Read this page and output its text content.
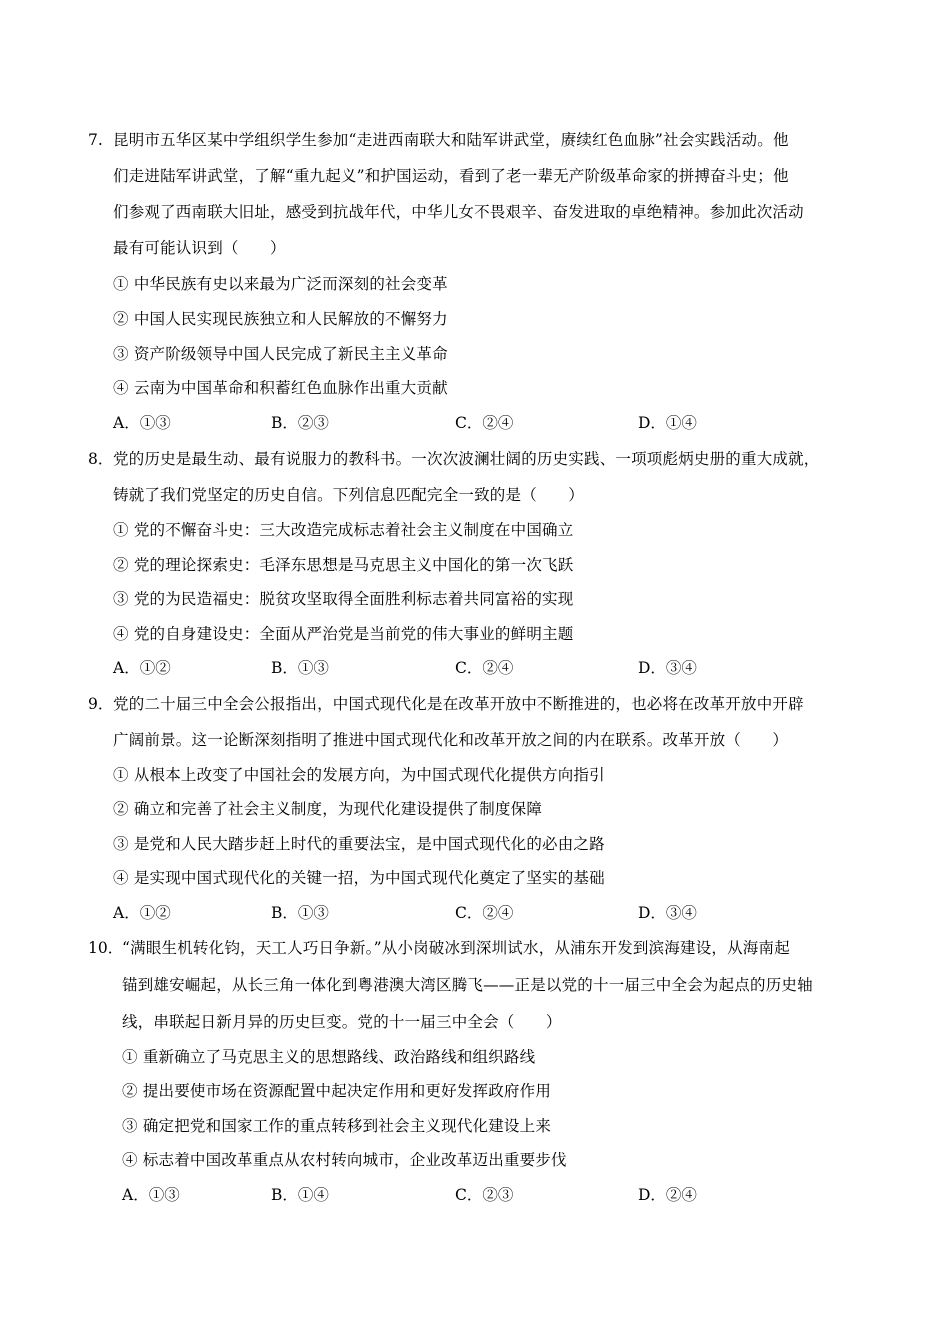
7. 昆明市五华区某中学组织学生参加“走进西南联大和陆军讲武堂，赓续红色血脉”社会实践活动。他
们走进陆军讲武堂，了解“重九起义”和护国运动，看到了老一辈无产阶级革命家的拼搏奋斗史；他
们参观了西南联大旧址，感受到抗战年代，中华儿女不畏艰辛、奋发进取的卓绝精神。参加此次活动
最有可能认识到（　　）
① 中华民族有史以来最为广泛而深刻的社会变革
② 中国人民实现民族独立和人民解放的不懈努力
③ 资产阶级领导中国人民完成了新民主主义革命
④ 云南为中国革命和积蓄红色血脉作出重大贡献
A．①③	B．②③	C．②④	D．①④
8． 党的历史是最生动、最有说服力的教科书。一次次波澜壮阔的历史实践、一项项彪炳史册的重大成就，
铸就了我们党坚定的历史自信。下列信息匹配完全一致的是（　　）
① 党的不懈奋斗史：三大改造完成标志着社会主义制度在中国确立
② 党的理论探索史：毛泽东思想是马克思主义中国化的第一次飞跃
③ 党的为民造福史：脱贫攻坚取得全面胜利标志着共同富裕的实现
④ 党的自身建设史：全面从严治党是当前党的伟大事业的鲜明主题
A．①②	B．①③	C．②④	D．③④
9． 党的二十届三中全会公报指出，中国式现代化是在改革开放中不断推进的，也必将在改革开放中开辟
广阔前景。这一论断深刻指明了推进中国式现代化和改革开放之间的内在联系。改革开放（　　）
① 从根本上改变了中国社会的发展方向，为中国式现代化提供方向指引
② 确立和完善了社会主义制度，为现代化建设提供了制度保障
③ 是党和人民大踏步赶上时代的重要法宝，是中国式现代化的必由之路
④ 是实现中国式现代化的关键一招，为中国式现代化奠定了坚实的基础
A．①②	B．①③	C．②④	D．③④
10．
“满眼生机转化钧，天工人巧日争新。”从小岗破冰到深圳试水，从浦东开发到滨海建设，从海南起
锚到雄安崛起，从长三角一体化到粤港澳大湾区腾飞——正是以党的十一届三中全会为起点的历史轴
线，串联起日新月异的历史巨变。党的十一届三中全会（　　）
① 重新确立了马克思主义的思想路线、政治路线和组织路线
② 提出要使市场在资源配置中起决定作用和更好发挥政府作用
③ 确定把党和国家工作的重点转移到社会主义现代化建设上来
④ 标志着中国改革重点从农村转向城市，企业改革迈出重要步伐
A．①③	B．①④	C．②③	D．②④
